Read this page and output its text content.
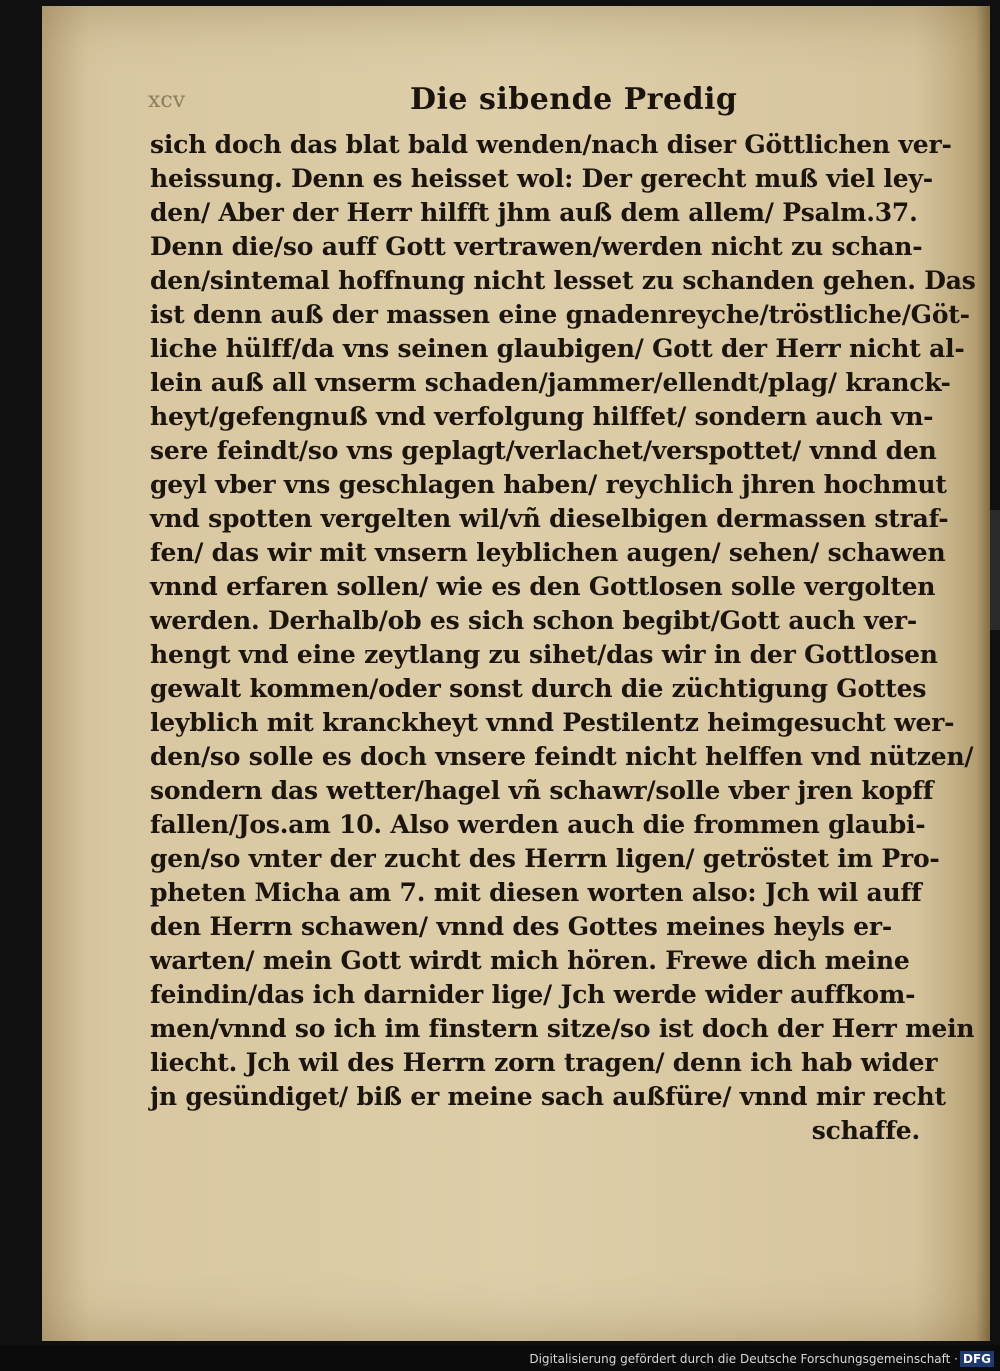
xcv	Die sibende Predig
sich doch das blat bald wenden/nach diser Göttlichen ver-
heissung. Denn es heisset wol: Der gerecht muß viel ley-
den/ Aber der Herr hilfft jhm auß dem allem/ Psalm.37.
Denn die/so auff Gott vertrawen/werden nicht zu schan-
den/sintemal hoffnung nicht lesset zu schanden gehen. Das
ist denn auß der massen eine gnadenreyche/tröstliche/Göt-
liche hülff/da vns seinen glaubigen/ Gott der Herr nicht al-
lein auß all vnserm schaden/jammer/ellendt/plag/ kranck-
heyt/gefengnuß vnd verfolgung hilffet/ sondern auch vn-
sere feindt/so vns geplagt/verlachet/verspottet/ vnnd den
geyl vber vns geschlagen haben/ reychlich jhren hochmut
vnd spotten vergelten wil/vñ dieselbigen dermassen straf-
fen/ das wir mit vnsern leyblichen augen/ sehen/ schawen
vnnd erfaren sollen/ wie es den Gottlosen solle vergolten
werden. Derhalb/ob es sich schon begibt/Gott auch ver-
hengt vnd eine zeytlang zu sihet/das wir in der Gottlosen
gewalt kommen/oder sonst durch die züchtigung Gottes
leyblich mit kranckheyt vnnd Pestilentz heimgesucht wer-
den/so solle es doch vnsere feindt nicht helffen vnd nützen/
sondern das wetter/hagel vñ schawr/solle vber jren kopff
fallen/Jos.am 10. Also werden auch die frommen glaubi-
gen/so vnter der zucht des Herrn ligen/ getröstet im Pro-
pheten Micha am 7. mit diesen worten also: Jch wil auff
den Herrn schawen/ vnnd des Gottes meines heyls er-
warten/ mein Gott wirdt mich hören. Frewe dich meine
feindin/das ich darnider lige/ Jch werde wider auffkom-
men/vnnd so ich im finstern sitze/so ist doch der Herr mein
liecht. Jch wil des Herrn zorn tragen/ denn ich hab wider
jn gesündiget/ biß er meine sach außfüre/ vnnd mir recht
schaffe.
Digitalisierung gefördert durch die Deutsche Forschungsgemeinschaft · DFG
